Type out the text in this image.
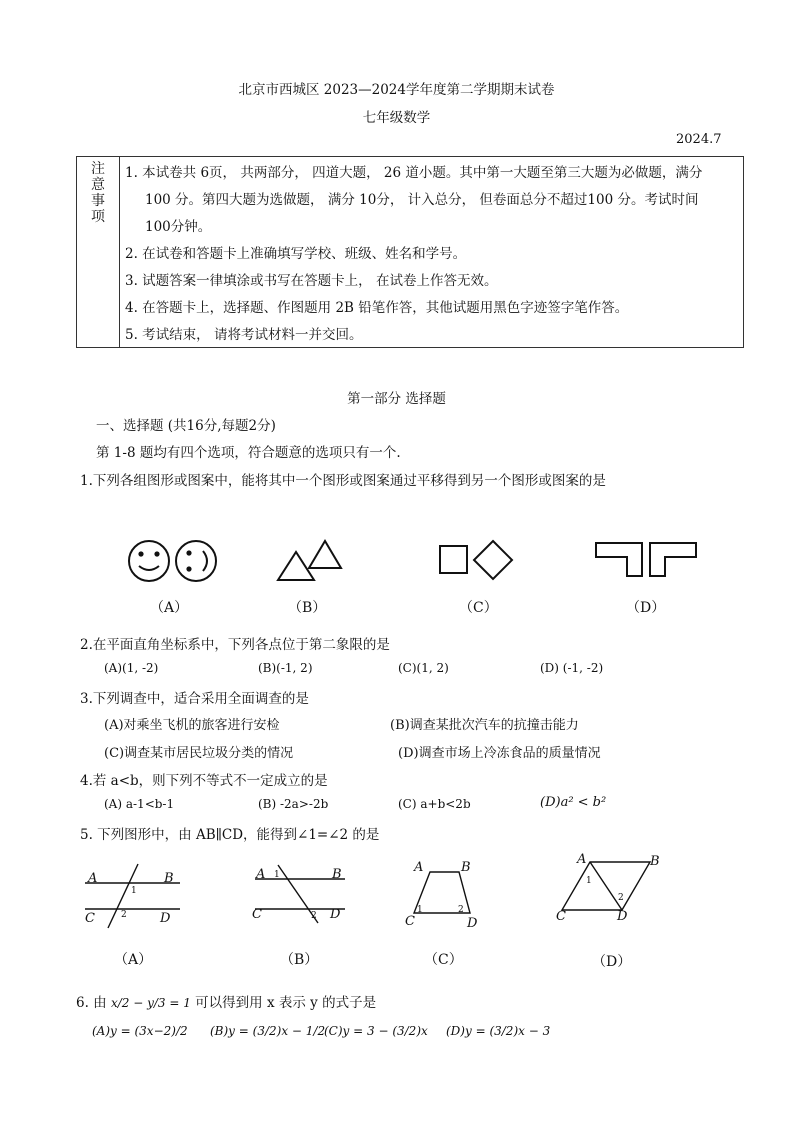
北京市西城区 2023—2024学年度第二学期期末试卷
七年级数学
2024.7
注意事项
1. 本试卷共 6页， 共两部分， 四道大题， 26 道小题。其中第一大题至第三大题为必做题，满分
100 分。第四大题为选做题， 满分 10分， 计入总分， 但卷面总分不超过100 分。考试时间
100分钟。
2. 在试卷和答题卡上准确填写学校、班级、姓名和学号。
3. 试题答案一律填涂或书写在答题卡上， 在试卷上作答无效。
4. 在答题卡上，选择题、作图题用 2B 铅笔作答，其他试题用黑色字迹签字笔作答。
5. 考试结束， 请将考试材料一并交回。
第一部分 选择题
一、选择题 (共16分,每题2分)
第 1-8 题均有四个选项，符合题意的选项只有一个.
1.下列各组图形或图案中，能将其中一个图形或图案通过平移得到另一个图形或图案的是
（A）	（B）	（C）	（D）
2.在平面直角坐标系中，下列各点位于第二象限的是
(A)(1, -2)	(B)(-1, 2)	(C)(1, 2)	(D) (-1, -2)
3.下列调查中，适合采用全面调查的是
(A)对乘坐飞机的旅客进行安检	(B)调查某批次汽车的抗撞击能力
(C)调查某市居民垃圾分类的情况	(D)调查市场上冷冻食品的质量情况
4.若 a<b，则下列不等式不一定成立的是
(A) a-1<b-1	(B) -2a>-2b	(C) a+b<2b	(D)a² < b²
5. 下列图形中，由 AB∥CD，能得到∠1=∠2 的是
A	B
C	D
A	B
C	D
A	B
C	D
A	B
C	D
1
2
1
2
1	2
1
2
（A）	（B）	（C）	（D）
6. 由 x/2 − y/3 = 1 可以得到用 x 表示 y 的式子是
(A)y = (3x−2)/2 (B)y = (3/2)x − 1/2
(C)y = 3 − (3/2)x (D)y = (3/2)x − 3
